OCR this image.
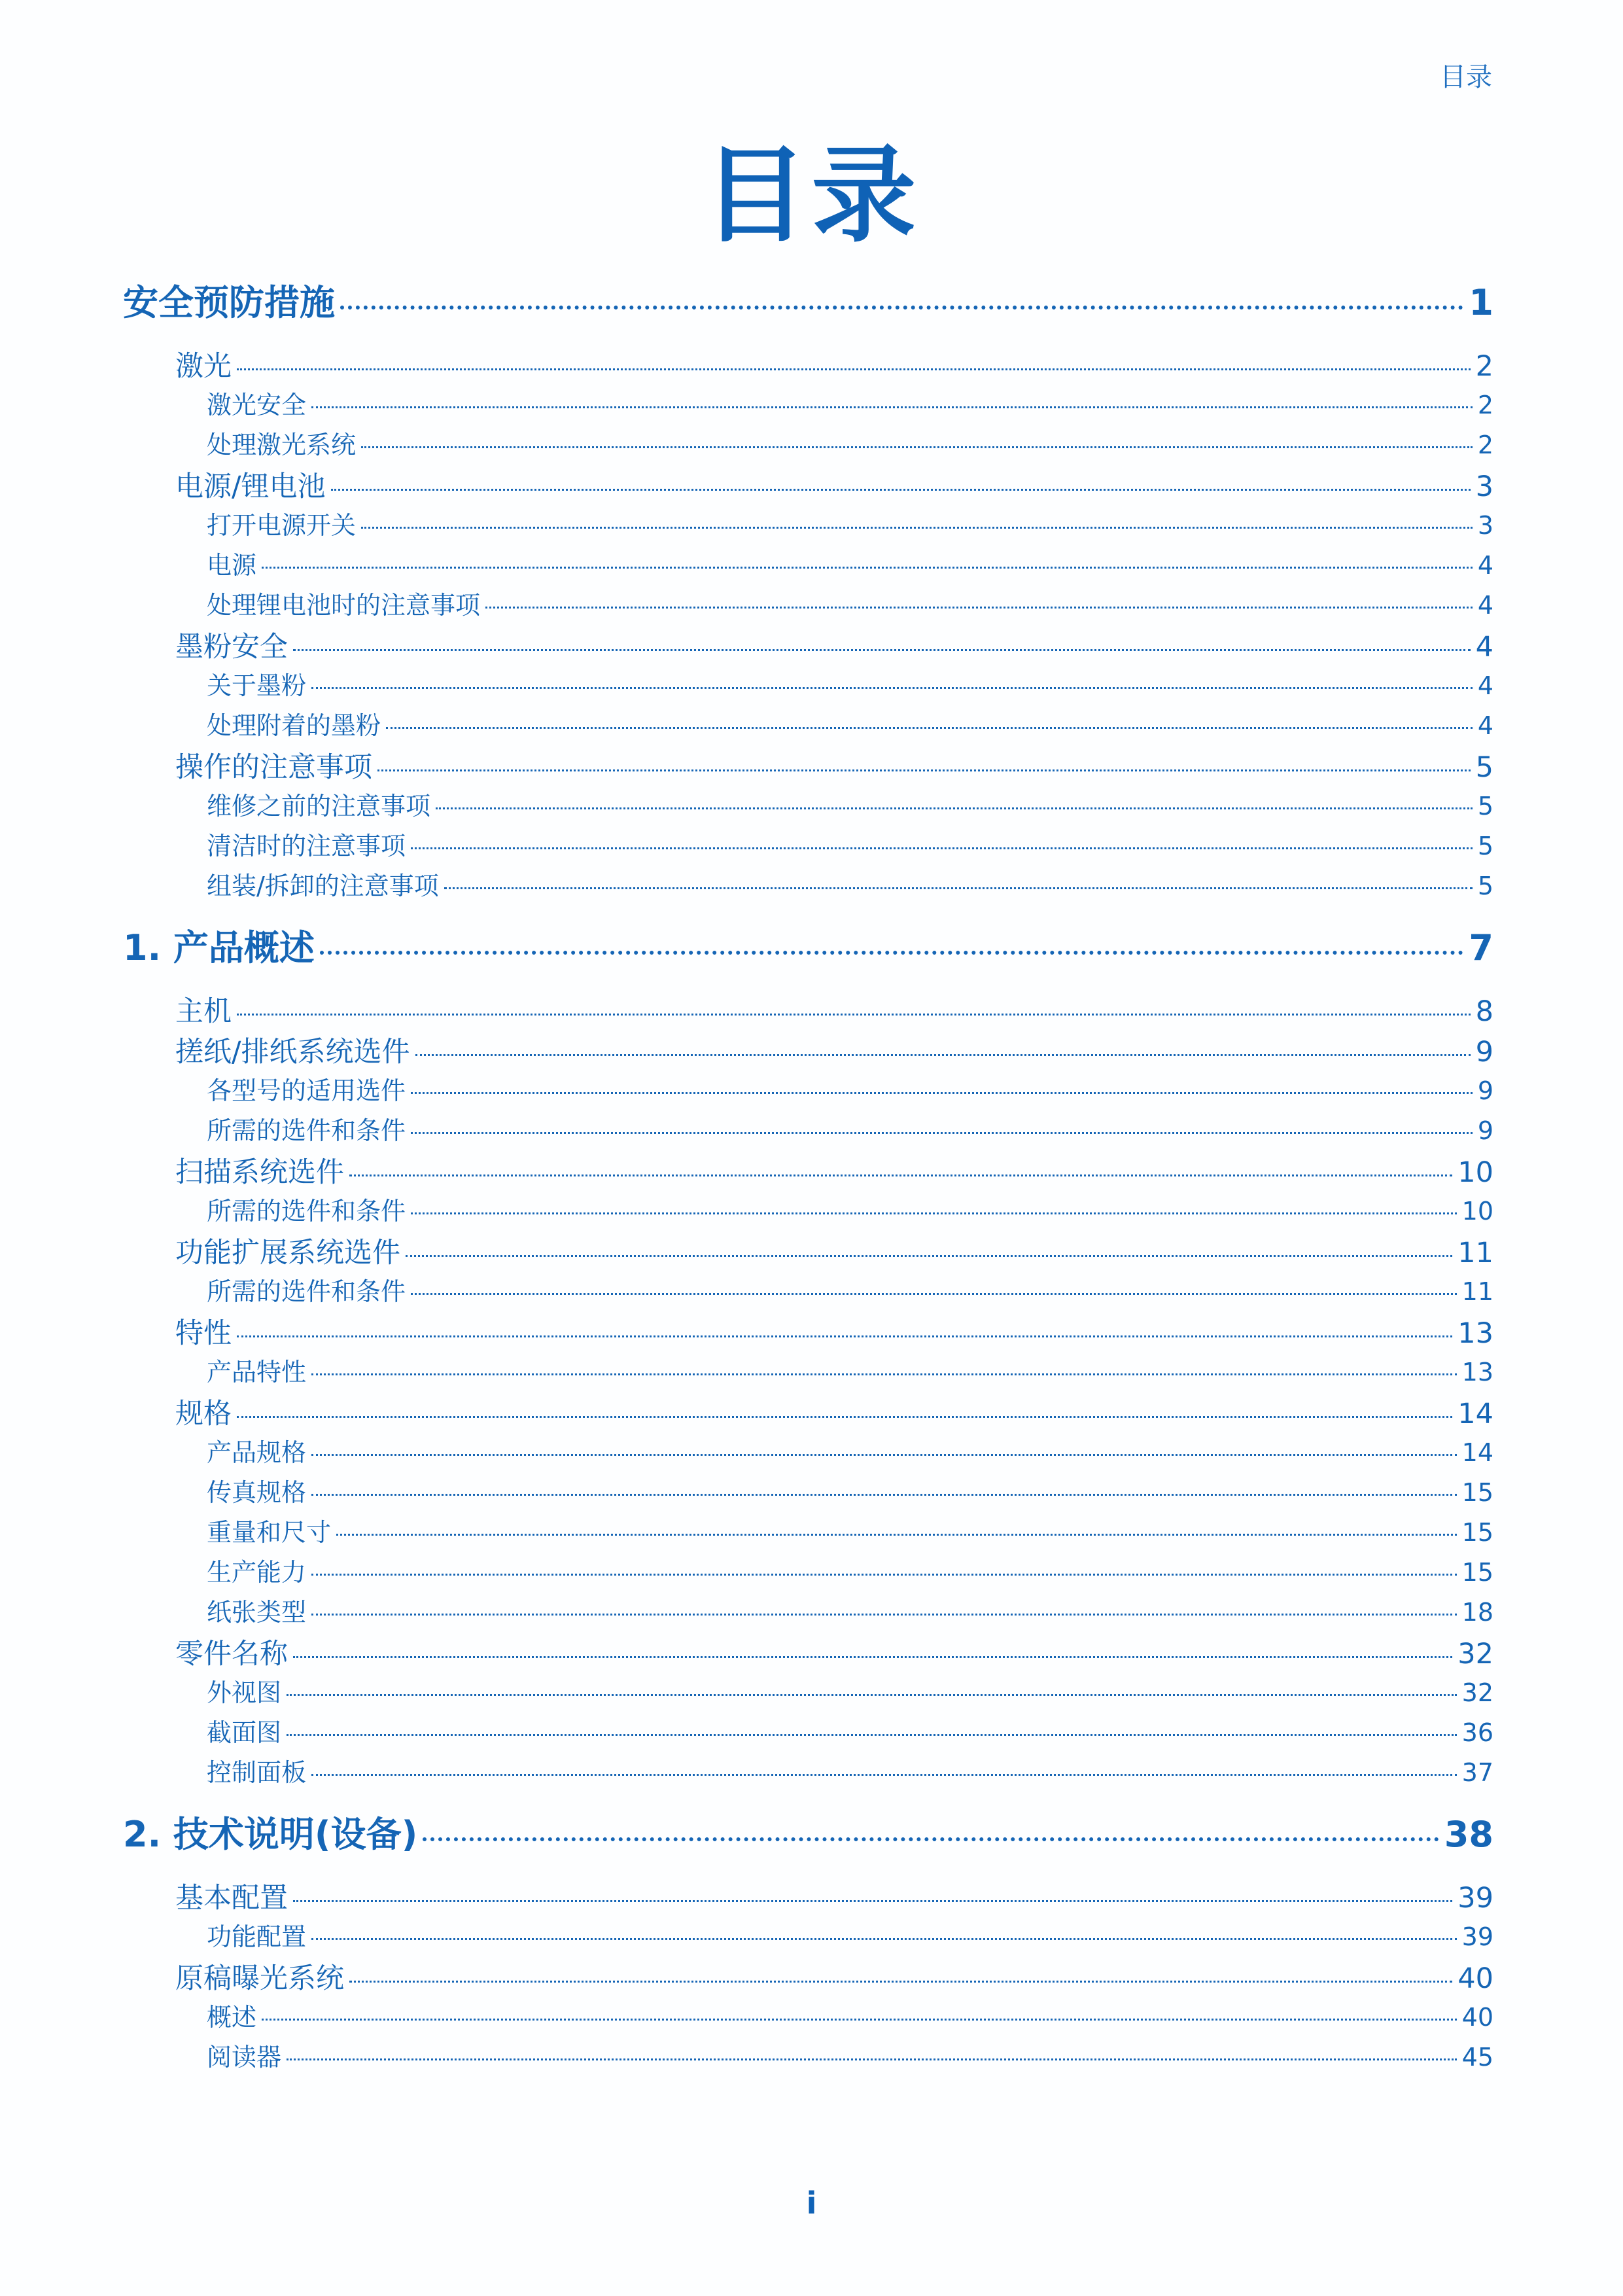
目录
目录
安全预防措施	1
激光	2
激光安全	2
处理激光系统	2
电源/锂电池	3
打开电源开关	3
电源	4
处理锂电池时的注意事项	4
墨粉安全	4
关于墨粉	4
处理附着的墨粉	4
操作的注意事项	5
维修之前的注意事项	5
清洁时的注意事项	5
组装/拆卸的注意事项	5
1. 产品概述	7
主机	8
搓纸/排纸系统选件	9
各型号的适用选件	9
所需的选件和条件	9
扫描系统选件	10
所需的选件和条件	10
功能扩展系统选件	11
所需的选件和条件	11
特性	13
产品特性	13
规格	14
产品规格	14
传真规格	15
重量和尺寸	15
生产能力	15
纸张类型	18
零件名称	32
外视图	32
截面图	36
控制面板	37
2. 技术说明(设备)	38
基本配置	39
功能配置	39
原稿曝光系统	40
概述	40
阅读器	45
i
